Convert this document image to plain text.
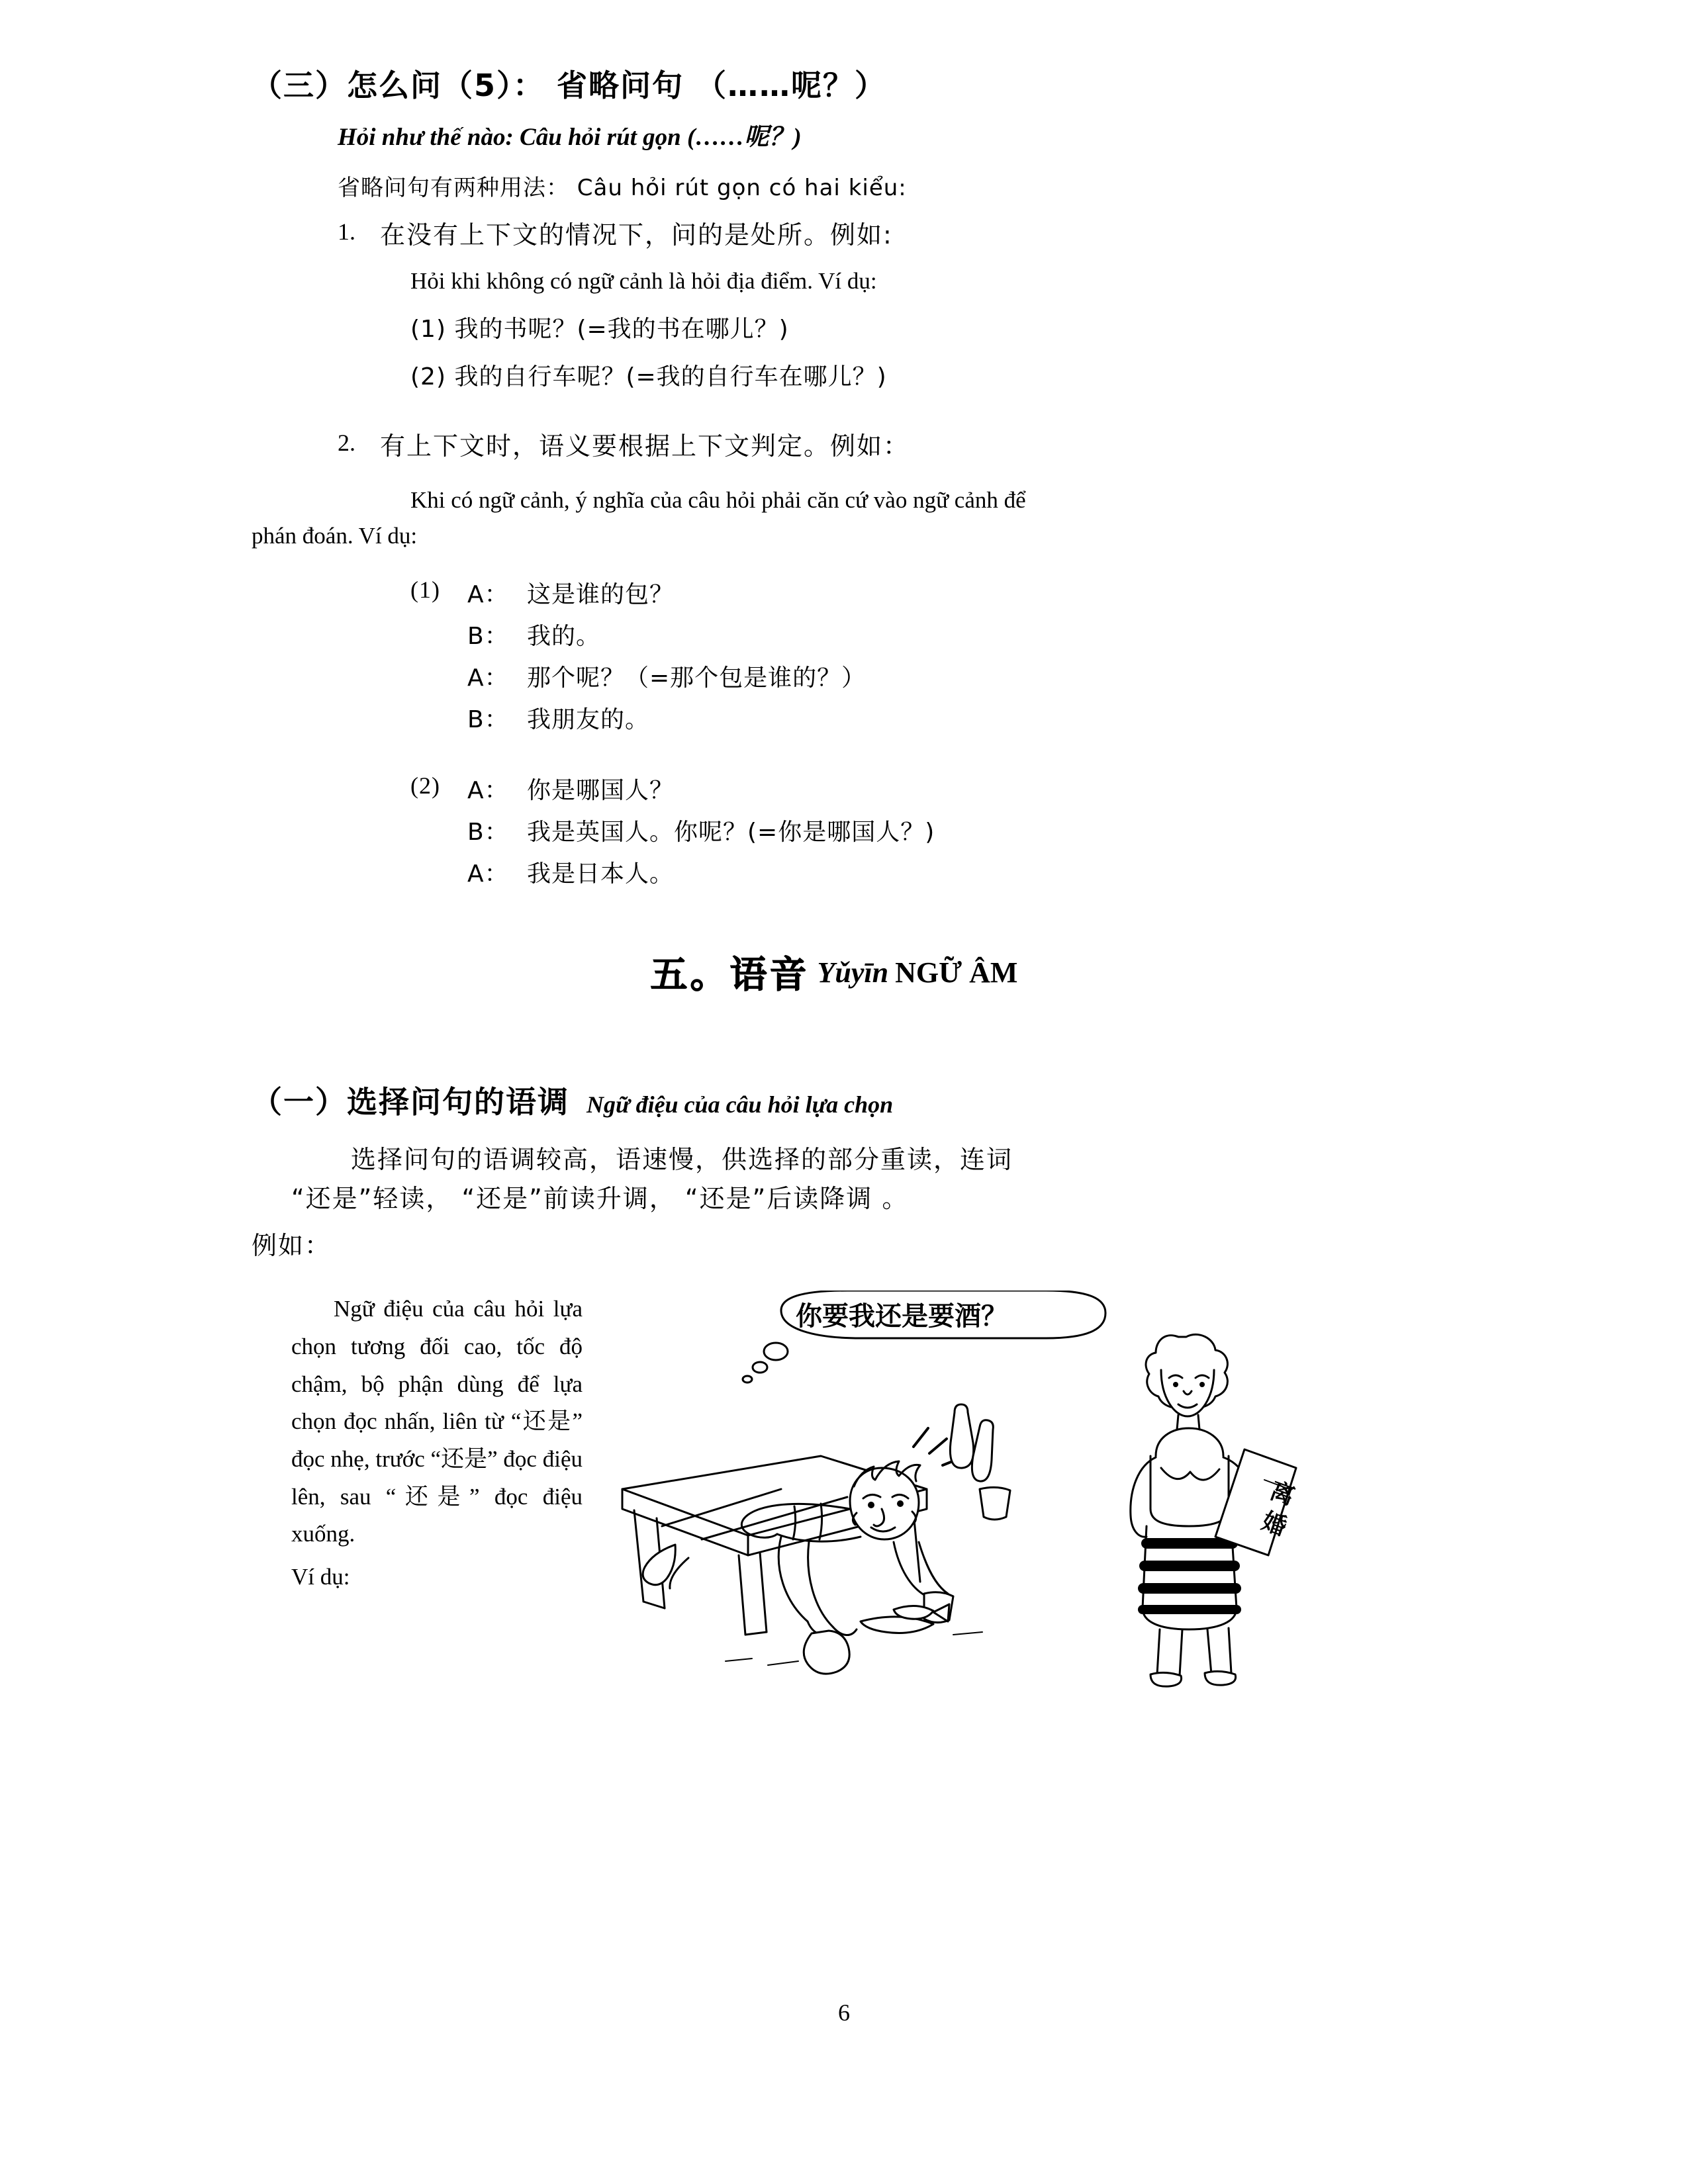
（三）怎么问（5）： 省略问句 （……呢？）
Hỏi như thế nào: Câu hỏi rút gọn (……呢？)
省略问句有两种用法： Câu hỏi rút gọn có hai kiểu:
1. 在没有上下文的情况下，问的是处所。例如:
Hỏi khi không có ngữ cảnh là hỏi địa điểm. Ví dụ:
(1) 我的书呢？(=我的书在哪儿？)
(2) 我的自行车呢？(=我的自行车在哪儿？)
2. 有上下文时，语义要根据上下文判定。例如：
Khi có ngữ cảnh, ý nghĩa của câu hỏi phải căn cứ vào ngữ cảnh để
phán đoán. Ví dụ:
(1)	A： 这是谁的包？
B： 我的。
A： 那个呢？（=那个包是谁的？）
B： 我朋友的。
(2)	A： 你是哪国人？
B： 我是英国人。你呢？(=你是哪国人？)
A： 我是日本人。
五。语音 Yǔyīn NGỮ ÂM
（一）选择问句的语调 Ngữ điệu của câu hỏi lựa chọn
选择问句的语调较高，语速慢，供选择的部分重读，连词
“还是”轻读， “还是”前读升调， “还是”后读降调 。
例如：
Ngữ điệu của câu hỏi lựa chọn tương đối cao, tốc độ chậm, bộ phận dùng để lựa chọn đọc nhấn, liên từ “还是” đọc nhẹ, trước “还是” đọc điệu lên, sau “还是” đọc điệu xuống.
Ví dụ:
你要我还是要酒？
离
婚
6
